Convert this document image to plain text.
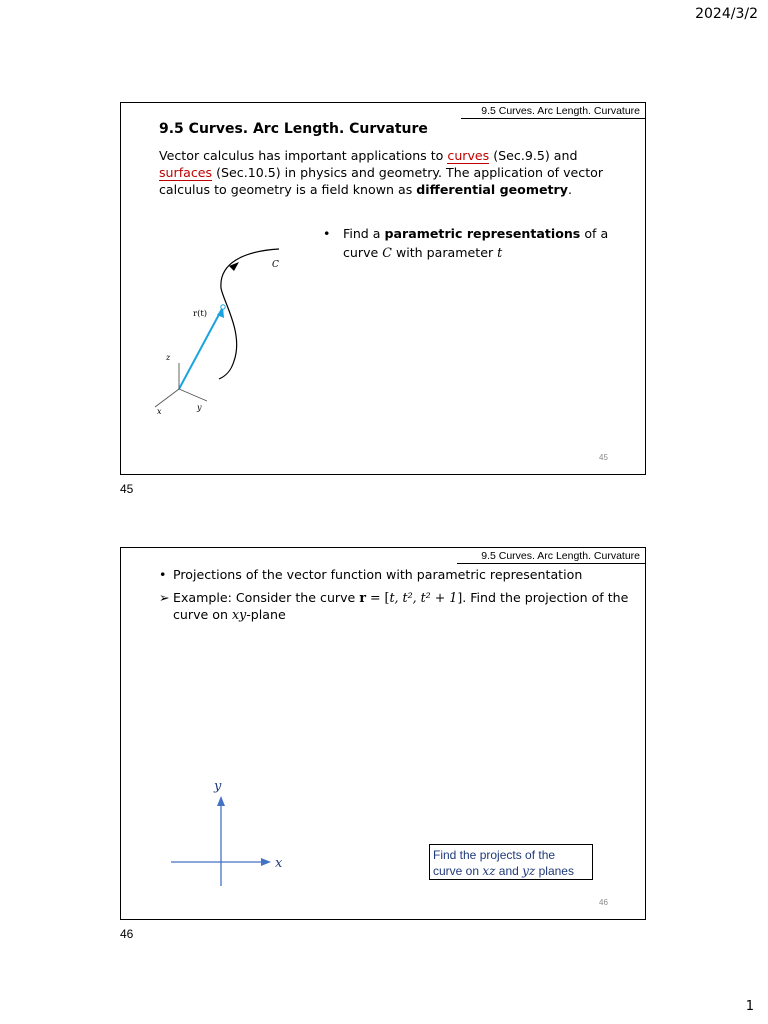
2024/3/2
9.5 Curves. Arc Length. Curvature
9.5 Curves. Arc Length. Curvature
Vector calculus has important applications to curves (Sec.9.5) and surfaces (Sec.10.5) in physics and geometry. The application of vector calculus to geometry is a field known as differential geometry.
• Find a parametric representations of a curve C with parameter t
C
r(t)
z
x	y
45
45
9.5 Curves. Arc Length. Curvature
• Projections of the vector function with parametric representation
➢ Example: Consider the curve r = [t, t², t² + 1]. Find the projection of the curve on xy-plane
y
x
Find the projects of the
curve on xz and yz planes
46
46
1
